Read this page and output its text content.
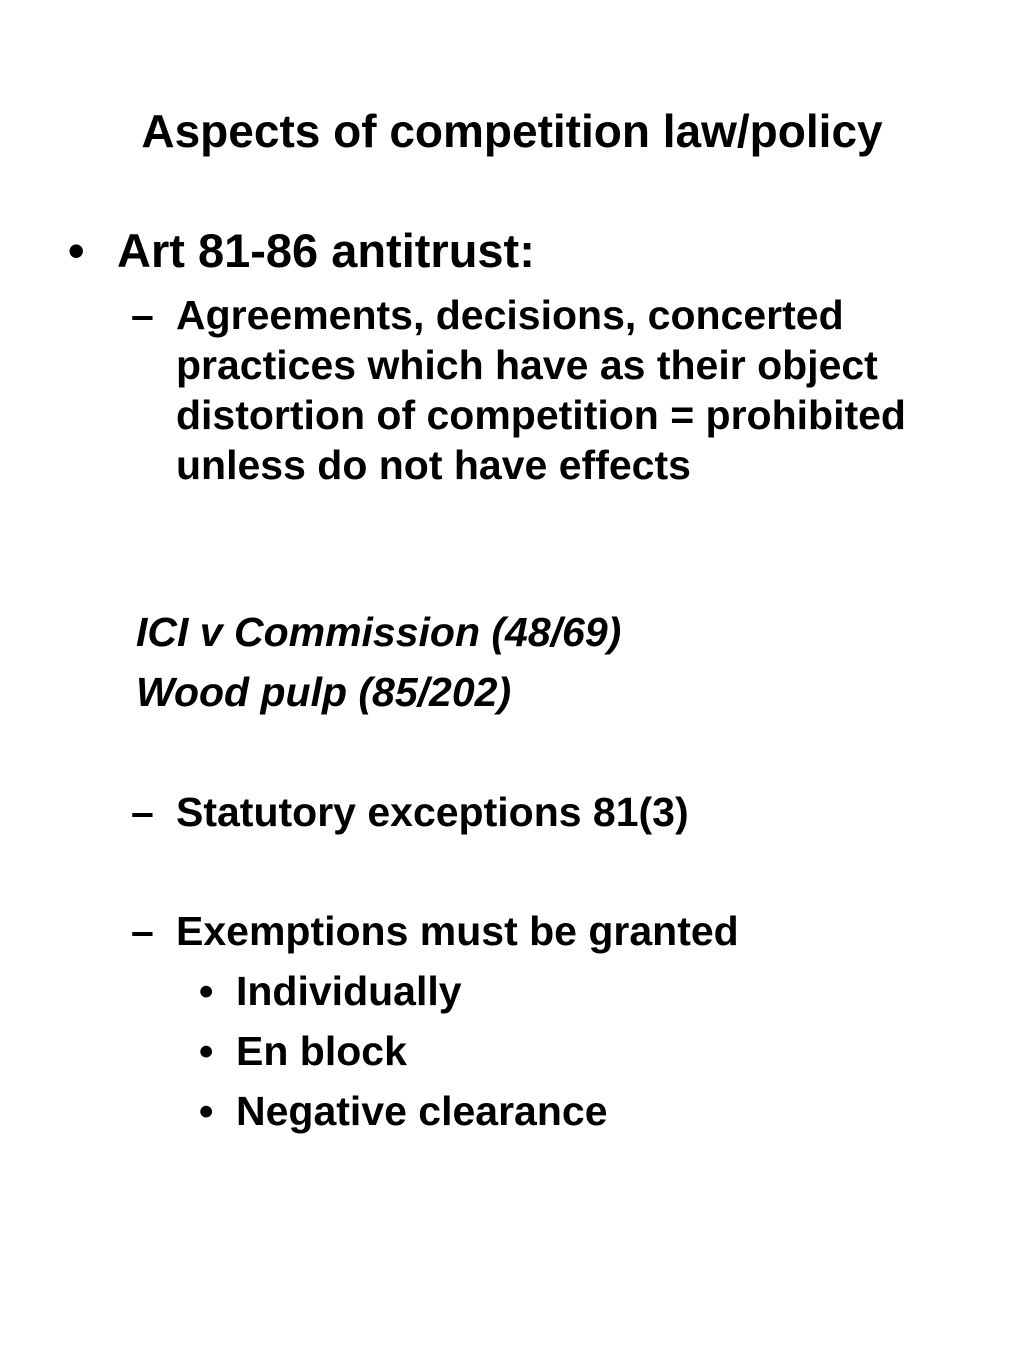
Aspects of competition law/policy
• Art 81-86 antitrust:
– Agreements, decisions, concerted practices which have as their object distortion of competition = prohibited unless do not have effects
ICI v Commission (48/69)
Wood pulp (85/202)
– Statutory exceptions 81(3)
– Exemptions must be granted
• Individually
• En block
• Negative clearance
